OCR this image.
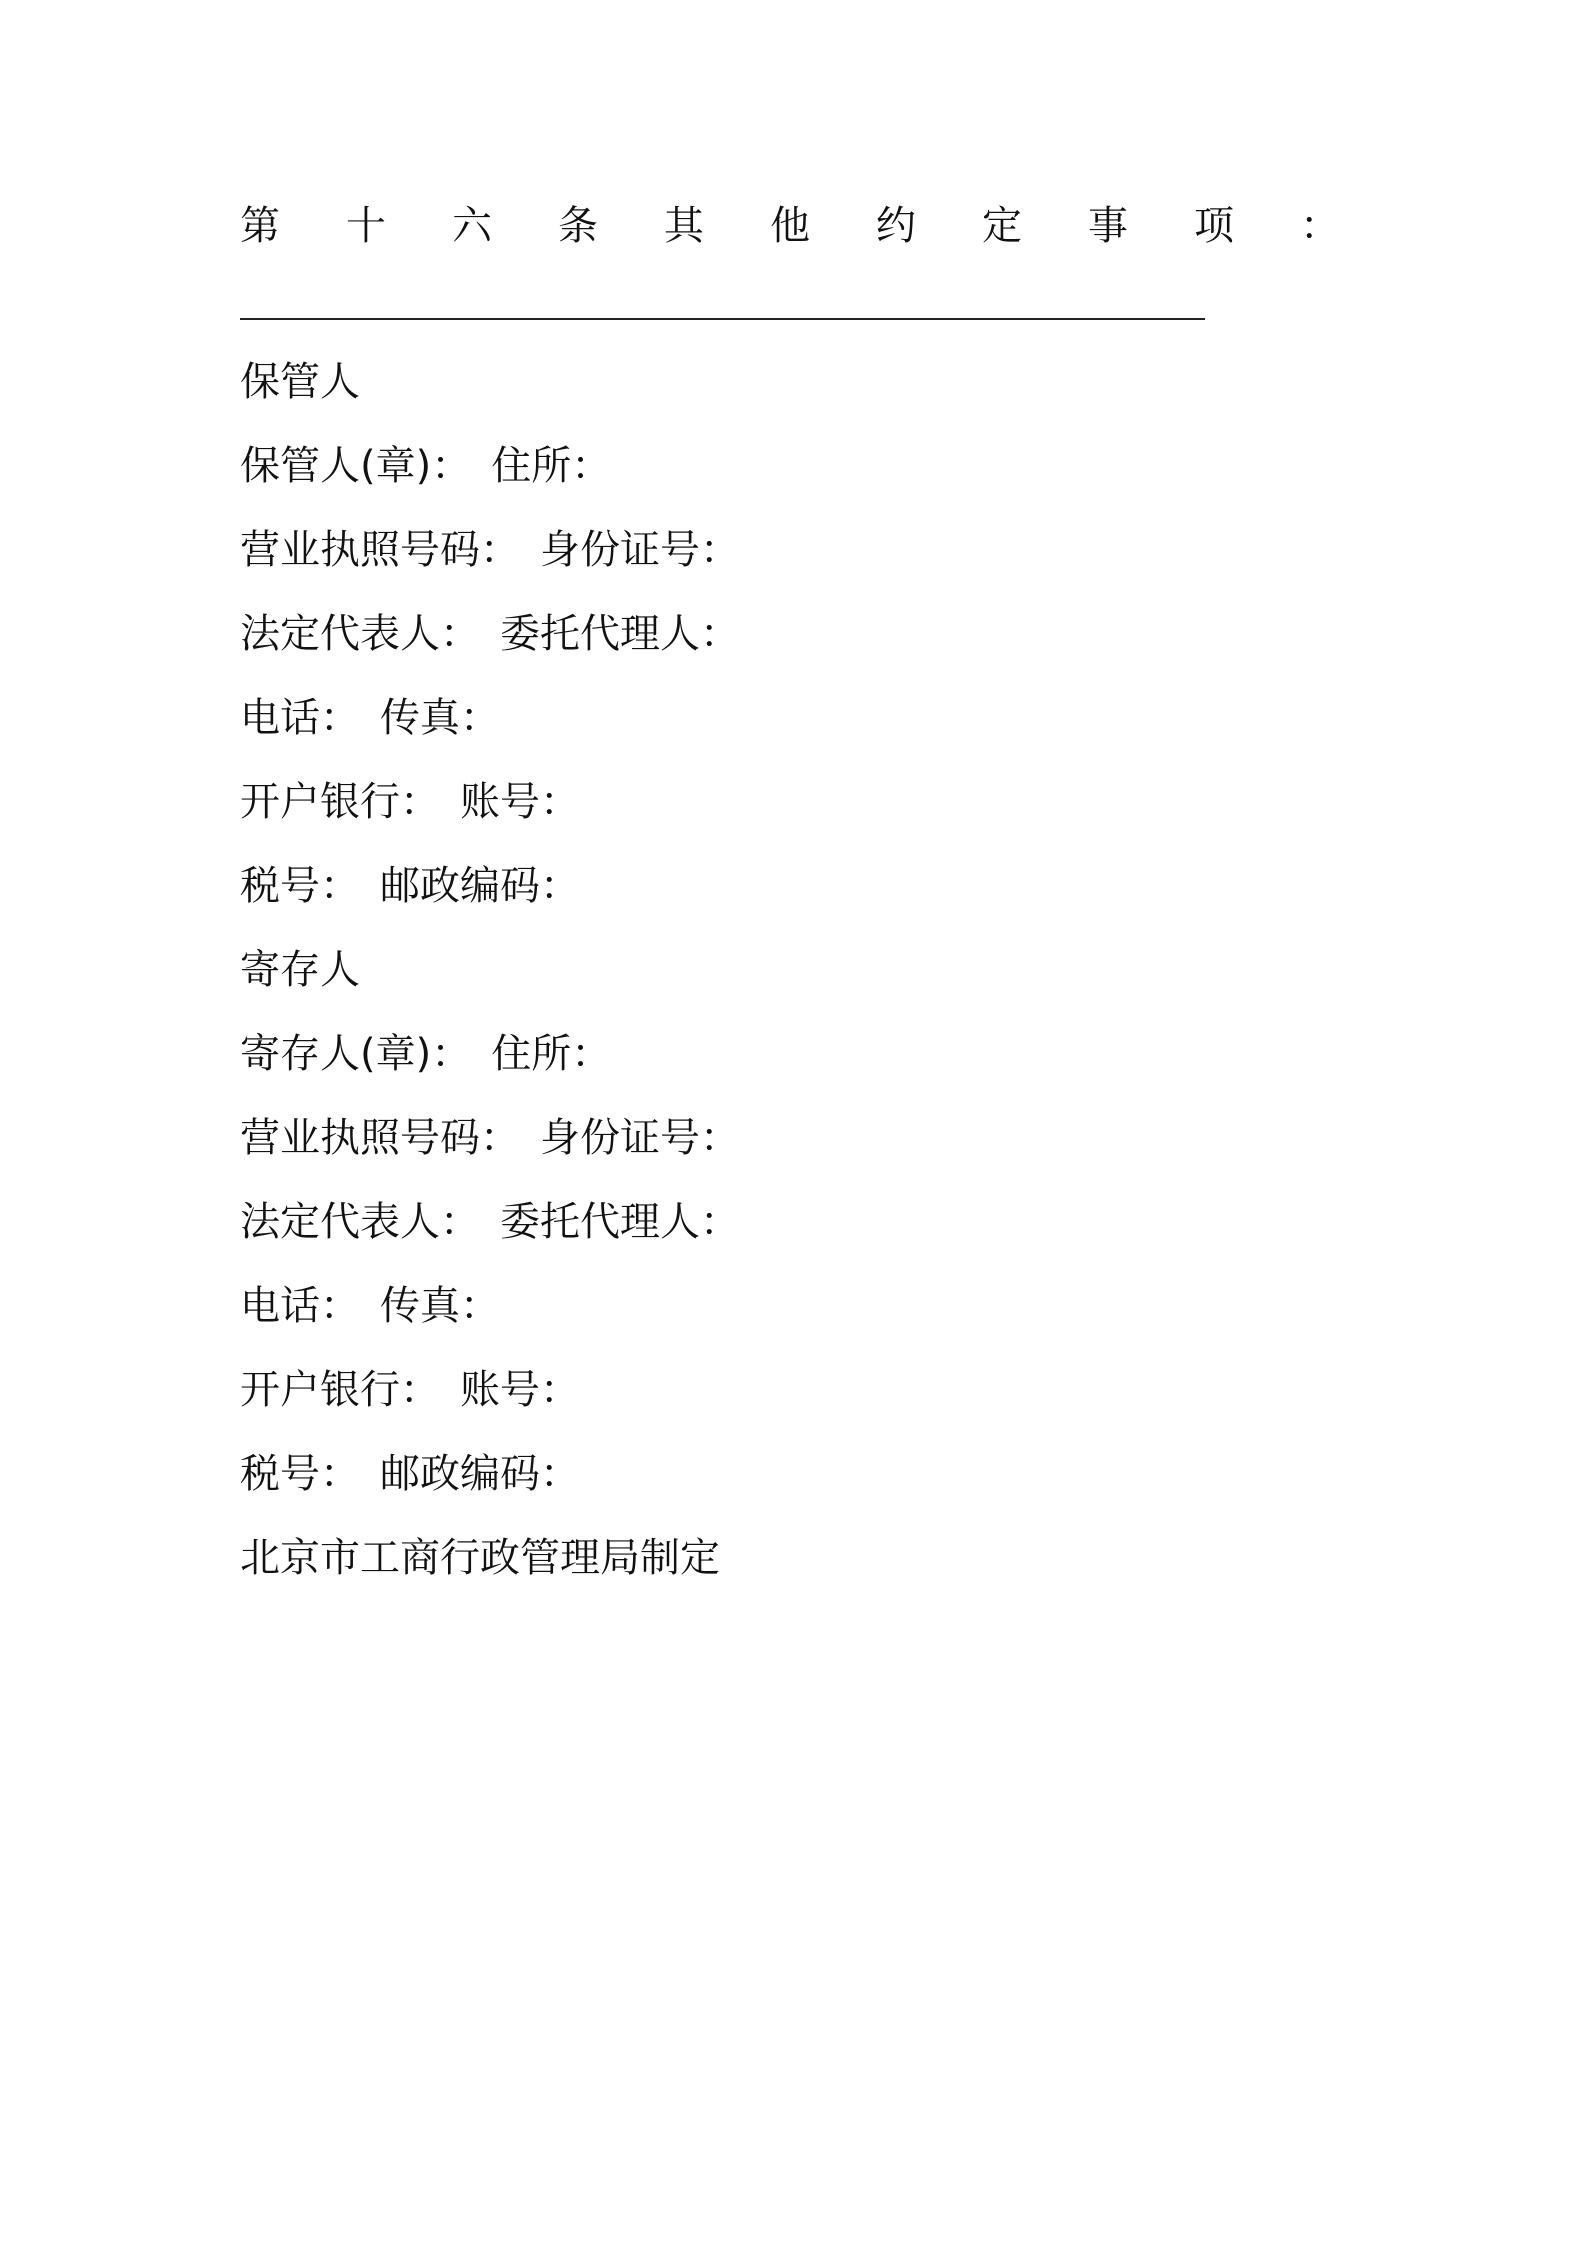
第 十 六 条 其 他 约 定 事 项 ：
保管人
保管人(章)： 住所：
营业执照号码： 身份证号：
法定代表人： 委托代理人：
电话： 传真：
开户银行： 账号：
税号： 邮政编码：
寄存人
寄存人(章)： 住所：
营业执照号码： 身份证号：
法定代表人： 委托代理人：
电话： 传真：
开户银行： 账号：
税号： 邮政编码：
北京市工商行政管理局制定
